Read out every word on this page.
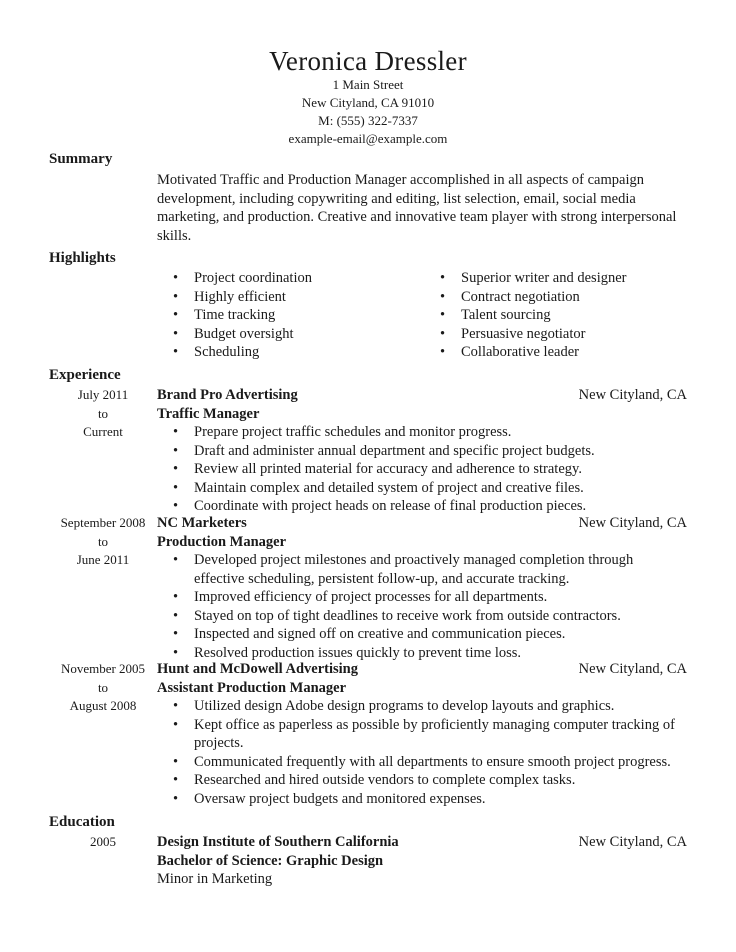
Veronica Dressler
1 Main Street
New Cityland, CA 91010
M: (555) 322-7337
example-email@example.com
Summary
Motivated Traffic and Production Manager accomplished in all aspects of campaign development, including copywriting and editing, list selection, email, social media marketing, and production. Creative and innovative team player with strong interpersonal skills.
Highlights
• Project coordination
• Highly efficient
• Time tracking
• Budget oversight
• Scheduling
• Superior writer and designer
• Contract negotiation
• Talent sourcing
• Persuasive negotiator
• Collaborative leader
Experience
July 2011
to
Current
Brand Pro Advertising	New Cityland, CA
Traffic Manager
• Prepare project traffic schedules and monitor progress.
• Draft and administer annual department and specific project budgets.
• Review all printed material for accuracy and adherence to strategy.
• Maintain complex and detailed system of project and creative files.
• Coordinate with project heads on release of final production pieces.
September 2008
to
June 2011
NC Marketers	New Cityland, CA
Production Manager
• Developed project milestones and proactively managed completion through effective scheduling, persistent follow-up, and accurate tracking.
• Improved efficiency of project processes for all departments.
• Stayed on top of tight deadlines to receive work from outside contractors.
• Inspected and signed off on creative and communication pieces.
• Resolved production issues quickly to prevent time loss.
November 2005
to
August 2008
Hunt and McDowell Advertising	New Cityland, CA
Assistant Production Manager
• Utilized design Adobe design programs to develop layouts and graphics.
• Kept office as paperless as possible by proficiently managing computer tracking of projects.
• Communicated frequently with all departments to ensure smooth project progress.
• Researched and hired outside vendors to complete complex tasks.
• Oversaw project budgets and monitored expenses.
Education
2005	Design Institute of Southern California	New Cityland, CA
Bachelor of Science: Graphic Design
Minor in Marketing
